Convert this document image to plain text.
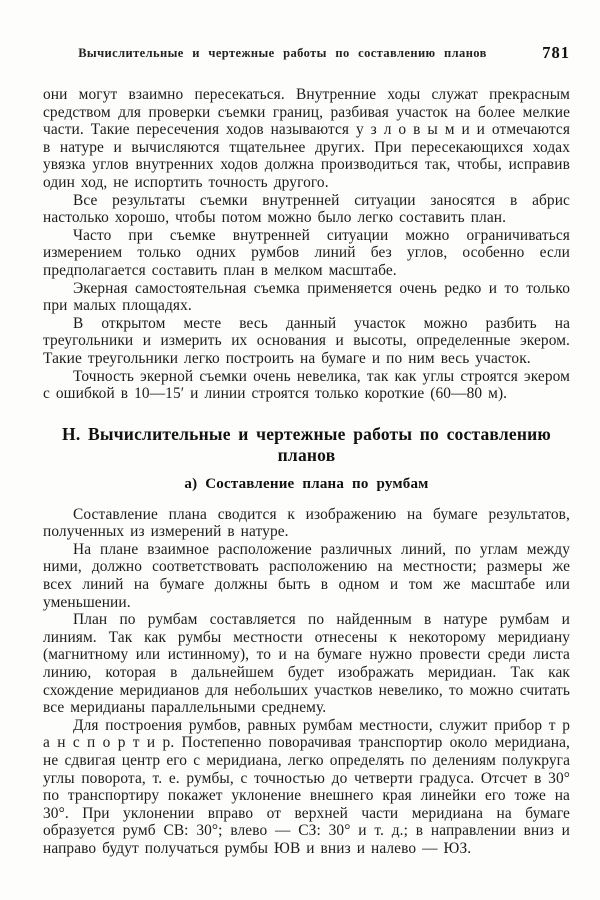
Вычислительные и чертежные работы по составлению планов	781

они могут взаимно пересекаться. Внутренние ходы служат прекрасным средством для проверки съемки границ, разбивая участок на более мелкие части. Такие пересечения ходов называются у з л о в ы м и и отмечаются в натуре и вычисляются тщательнее других. При пересекающихся ходах увязка углов внутренних ходов должна производиться так, чтобы, исправив один ход, не испортить точность другого.

Все результаты съемки внутренней ситуации заносятся в абрис настолько хорошо, чтобы потом можно было легко составить план.

Часто при съемке внутренней ситуации можно ограничиваться измерением только одних румбов линий без углов, особенно если предполагается составить план в мелком масштабе.

Экерная самостоятельная съемка применяется очень редко и то только при малых площадях.

В открытом месте весь данный участок можно разбить на треугольники и измерить их основания и высоты, определенные экером. Такие треугольники легко построить на бумаге и по ним весь участок.

Точность экерной съемки очень невелика, так как углы строятся экером с ошибкой в 10—15′ и линии строятся только короткие (60—80 м).

Н. Вычислительные и чертежные работы по составлению планов
а) Составление плана по румбам

Составление плана сводится к изображению на бумаге результатов, полученных из измерений в натуре.

На плане взаимное расположение различных линий, по углам между ними, должно соответствовать расположению на местности; размеры же всех линий на бумаге должны быть в одном и том же масштабе или уменьшении.

План по румбам составляется по найденным в натуре румбам и линиям. Так как румбы местности отнесены к некоторому меридиану (магнитному или истинному), то и на бумаге нужно провести среди листа линию, которая в дальнейшем будет изображать меридиан. Так как схождение меридианов для небольших участков невелико, то можно считать все меридианы параллельными среднему.

Для построения румбов, равных румбам местности, служит прибор т р а н с п о р т и р. Постепенно поворачивая транспортир около меридиана, не сдвигая центр его с меридиана, легко определять по делениям полукруга углы поворота, т. е. румбы, с точностью до четверти градуса. Отсчет в 30° по транспортиру покажет уклонение внешнего края линейки его тоже на 30°. При уклонении вправо от верхней части меридиана на бумаге образуется румб СВ: 30°; влево — СЗ: 30° и т. д.; в направлении вниз и направо будут получаться румбы ЮВ и вниз и налево — ЮЗ.
